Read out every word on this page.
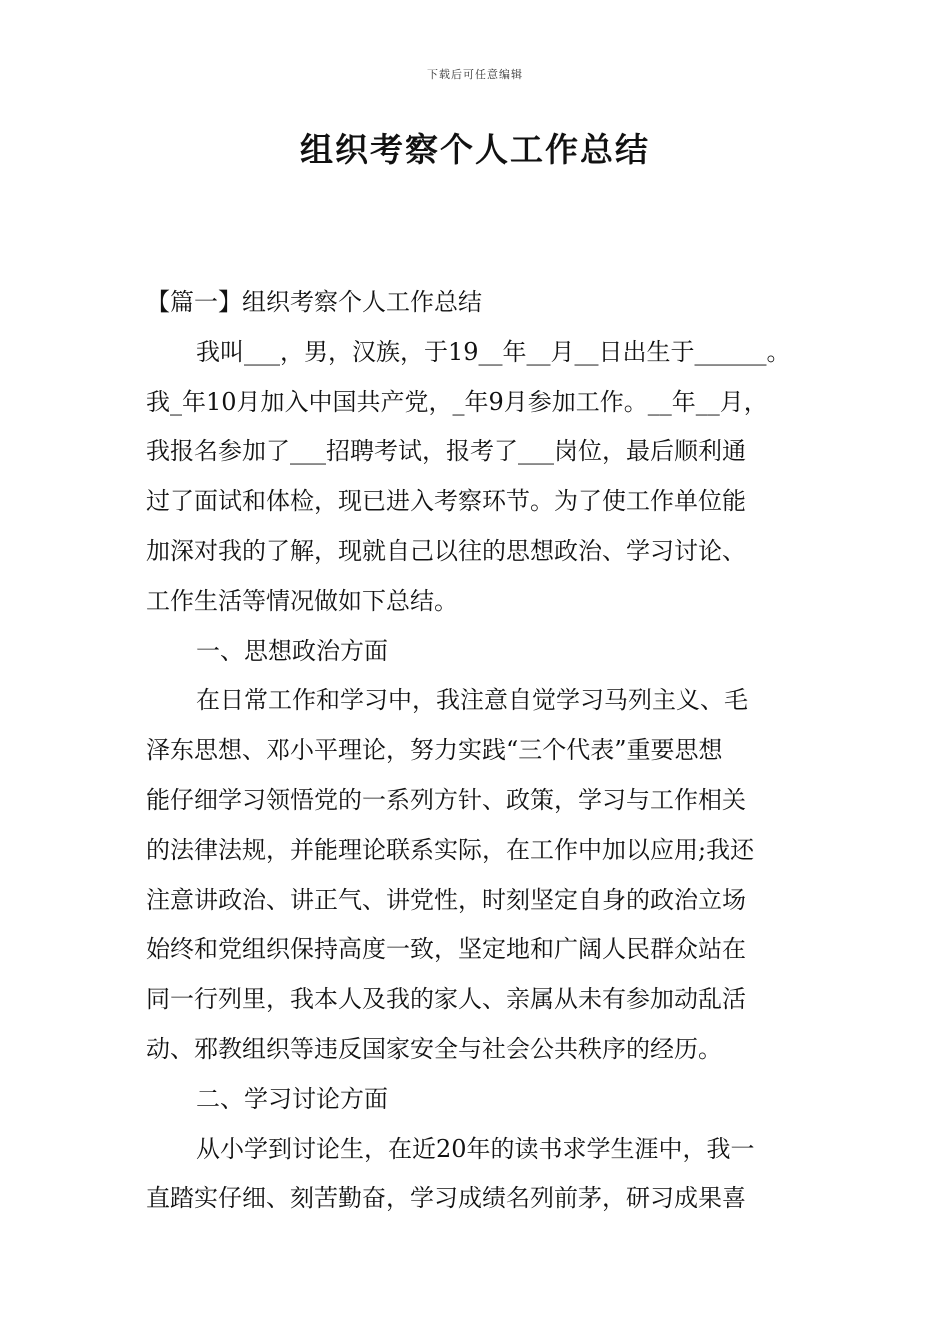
下载后可任意编辑
组织考察个人工作总结
【篇一】组织考察个人工作总结
我叫___，男，汉族，于19__年__月__日出生于______。
我_年10月加入中国共产党，_年9月参加工作。__年__月，
我报名参加了___招聘考试，报考了___岗位，最后顺利通
过了面试和体检，现已进入考察环节。为了使工作单位能
加深对我的了解，现就自己以往的思想政治、学习讨论、
工作生活等情况做如下总结。
一、思想政治方面
在日常工作和学习中，我注意自觉学习马列主义、毛
泽东思想、邓小平理论，努力实践“三个代表”重要思想
能仔细学习领悟党的一系列方针、政策，学习与工作相关
的法律法规，并能理论联系实际，在工作中加以应用;我还
注意讲政治、讲正气、讲党性，时刻坚定自身的政治立场
始终和党组织保持高度一致，坚定地和广阔人民群众站在
同一行列里，我本人及我的家人、亲属从未有参加动乱活
动、邪教组织等违反国家安全与社会公共秩序的经历。
二、学习讨论方面
从小学到讨论生，在近20年的读书求学生涯中，我一
直踏实仔细、刻苦勤奋，学习成绩名列前茅，研习成果喜
